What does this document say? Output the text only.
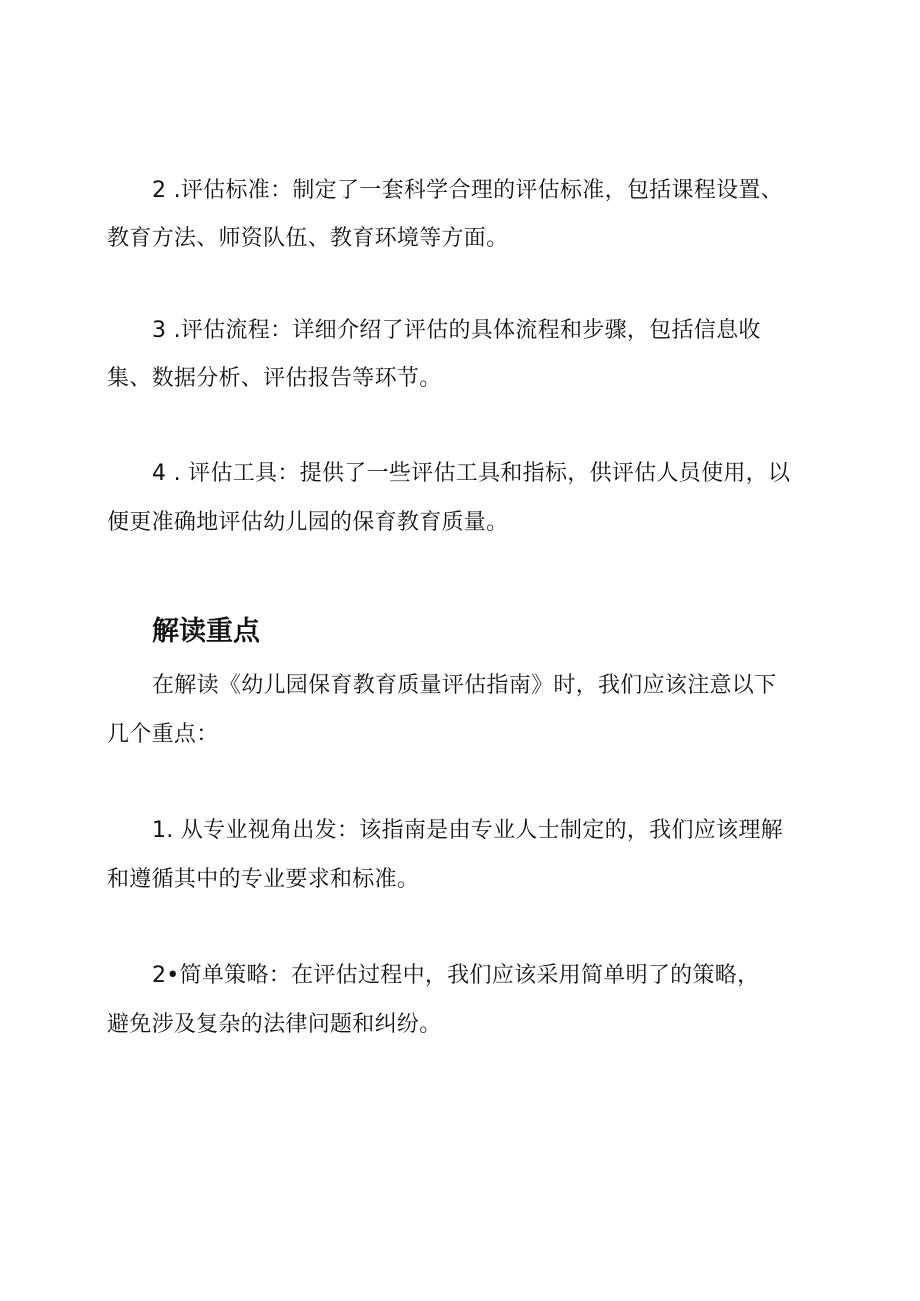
2 .评估标准：制定了一套科学合理的评估标准，包括课程设置、
教育方法、师资队伍、教育环境等方面。
3 .评估流程：详细介绍了评估的具体流程和步骤，包括信息收
集、数据分析、评估报告等环节。
4 . 评估工具：提供了一些评估工具和指标，供评估人员使用，以
便更准确地评估幼儿园的保育教育质量。
解读重点
在解读《幼儿园保育教育质量评估指南》时，我们应该注意以下
几个重点：
1. 从专业视角出发：该指南是由专业人士制定的，我们应该理解
和遵循其中的专业要求和标准。
2•简单策略：在评估过程中，我们应该采用简单明了的策略，
避免涉及复杂的法律问题和纠纷。
